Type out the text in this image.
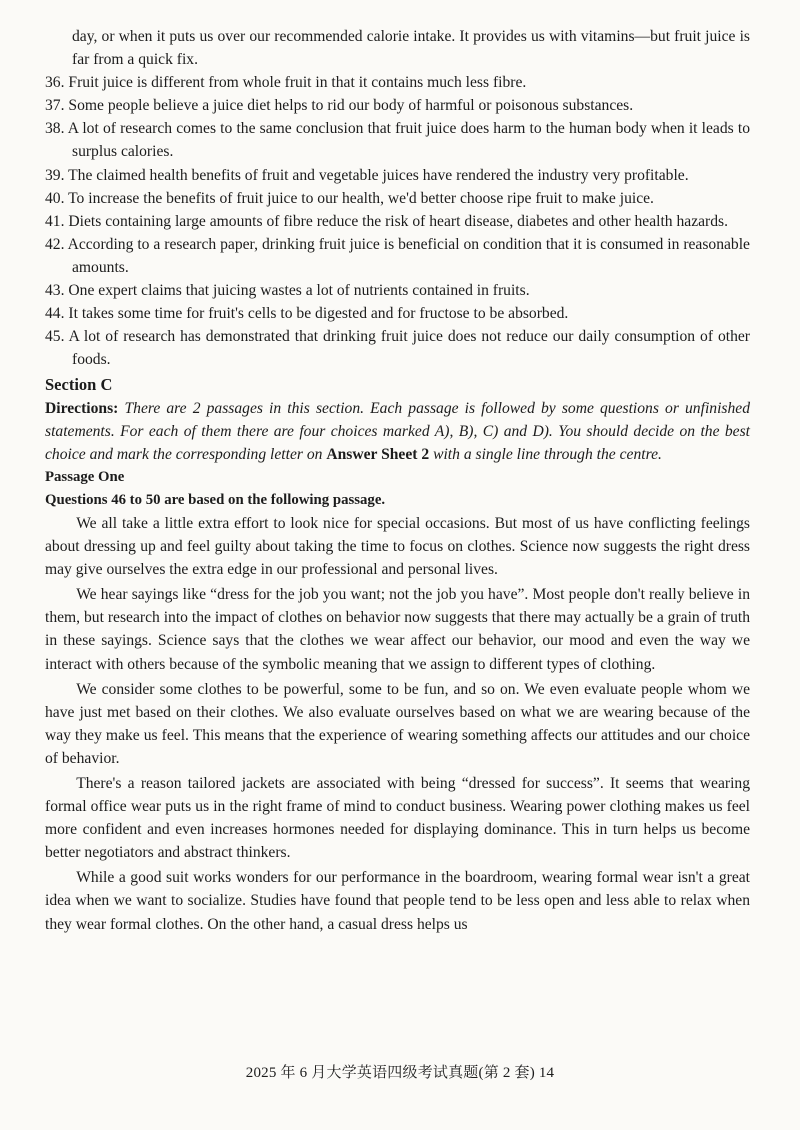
day, or when it puts us over our recommended calorie intake. It provides us with vitamins—but fruit juice is far from a quick fix.

36. Fruit juice is different from whole fruit in that it contains much less fibre.

37. Some people believe a juice diet helps to rid our body of harmful or poisonous substances.

38. A lot of research comes to the same conclusion that fruit juice does harm to the human body when it leads to surplus calories.

39. The claimed health benefits of fruit and vegetable juices have rendered the industry very profitable.

40. To increase the benefits of fruit juice to our health, we'd better choose ripe fruit to make juice.

41. Diets containing large amounts of fibre reduce the risk of heart disease, diabetes and other health hazards.

42. According to a research paper, drinking fruit juice is beneficial on condition that it is consumed in reasonable amounts.

43. One expert claims that juicing wastes a lot of nutrients contained in fruits.

44. It takes some time for fruit's cells to be digested and for fructose to be absorbed.

45. A lot of research has demonstrated that drinking fruit juice does not reduce our daily consumption of other foods.

Section C

Directions: There are 2 passages in this section. Each passage is followed by some questions or unfinished statements. For each of them there are four choices marked A), B), C) and D). You should decide on the best choice and mark the corresponding letter on Answer Sheet 2 with a single line through the centre.

Passage One
Questions 46 to 50 are based on the following passage.

We all take a little extra effort to look nice for special occasions. But most of us have conflicting feelings about dressing up and feel guilty about taking the time to focus on clothes. Science now suggests the right dress may give ourselves the extra edge in our professional and personal lives.

We hear sayings like “dress for the job you want; not the job you have”. Most people don't really believe in them, but research into the impact of clothes on behavior now suggests that there may actually be a grain of truth in these sayings. Science says that the clothes we wear affect our behavior, our mood and even the way we interact with others because of the symbolic meaning that we assign to different types of clothing.

We consider some clothes to be powerful, some to be fun, and so on. We even evaluate people whom we have just met based on their clothes. We also evaluate ourselves based on what we are wearing because of the way they make us feel. This means that the experience of wearing something affects our attitudes and our choice of behavior.

There's a reason tailored jackets are associated with being “dressed for success”. It seems that wearing formal office wear puts us in the right frame of mind to conduct business. Wearing power clothing makes us feel more confident and even increases hormones needed for displaying dominance. This in turn helps us become better negotiators and abstract thinkers.

While a good suit works wonders for our performance in the boardroom, wearing formal wear isn't a great idea when we want to socialize. Studies have found that people tend to be less open and less able to relax when they wear formal clothes. On the other hand, a casual dress helps us

2025 年 6 月大学英语四级考试真题(第 2 套) 14
